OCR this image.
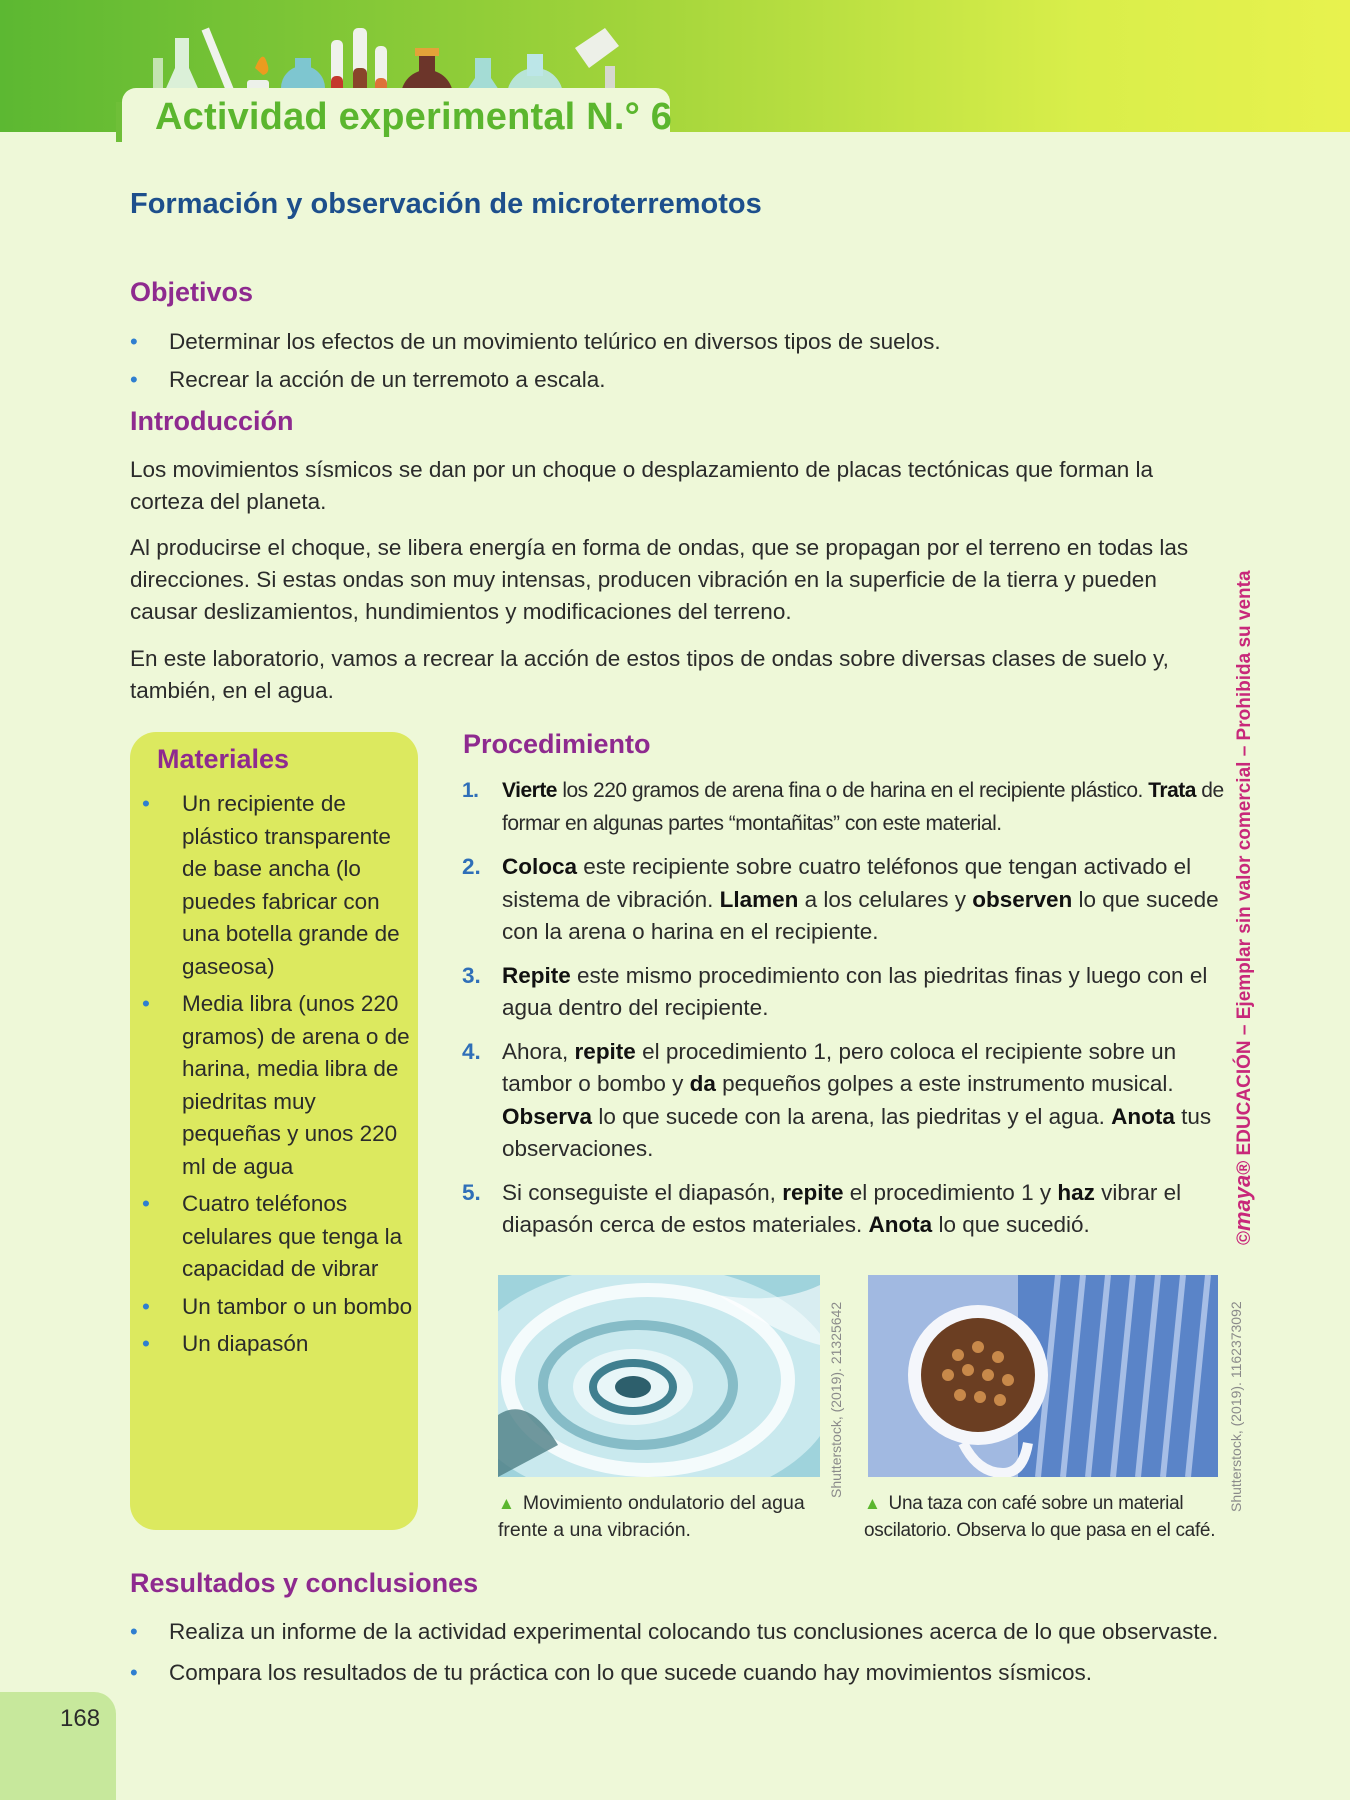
Actividad experimental N.° 6
Formación y observación de microterremotos
Objetivos
• Determinar los efectos de un movimiento telúrico en diversos tipos de suelos.
• Recrear la acción de un terremoto a escala.
Introducción

Los movimientos sísmicos se dan por un choque o desplazamiento de placas tectónicas que forman la corteza del planeta.

Al producirse el choque, se libera energía en forma de ondas, que se propagan por el terreno en todas las direcciones. Si estas ondas son muy intensas, producen vibración en la superficie de la tierra y pueden causar deslizamientos, hundimientos y modificaciones del terreno.

En este laboratorio, vamos a recrear la acción de estos tipos de ondas sobre diversas clases de suelo y, también, en el agua.

Materiales
• Un recipiente de plástico transparente de base ancha (lo puedes fabricar con una botella grande de gaseosa)
• Media libra (unos 220 gramos) de arena o de harina, media libra de piedritas muy pequeñas y unos 220 ml de agua
• Cuatro teléfonos celulares que tenga la capacidad de vibrar
• Un tambor o un bombo
• Un diapasón
Procedimiento
1. Vierte los 220 gramos de arena fina o de harina en el recipiente plástico. Trata de formar en algunas partes “montañitas” con este material.
2. Coloca este recipiente sobre cuatro teléfonos que tengan activado el sistema de vibración. Llamen a los celulares y observen lo que sucede con la arena o harina en el recipiente.
3. Repite este mismo procedimiento con las piedritas finas y luego con el agua dentro del recipiente.
4. Ahora, repite el procedimiento 1, pero coloca el recipiente sobre un tambor o bombo y da pequeños golpes a este instrumento musical. Observa lo que sucede con la arena, las piedritas y el agua. Anota tus observaciones.
5. Si conseguiste el diapasón, repite el procedimiento 1 y haz vibrar el diapasón cerca de estos materiales. Anota lo que sucedió.
Shutterstock, (2019). 21325642
▲ Movimiento ondulatorio del agua frente a una vibración.
Shutterstock, (2019). 1162373092
▲ Una taza con café sobre un material oscilatorio. Observa lo que pasa en el café.
©maya® EDUCACIÓN – Ejemplar sin valor comercial – Prohibida su venta
Resultados y conclusiones
• Realiza un informe de la actividad experimental colocando tus conclusiones acerca de lo que observaste.
• Compara los resultados de tu práctica con lo que sucede cuando hay movimientos sísmicos.
168
